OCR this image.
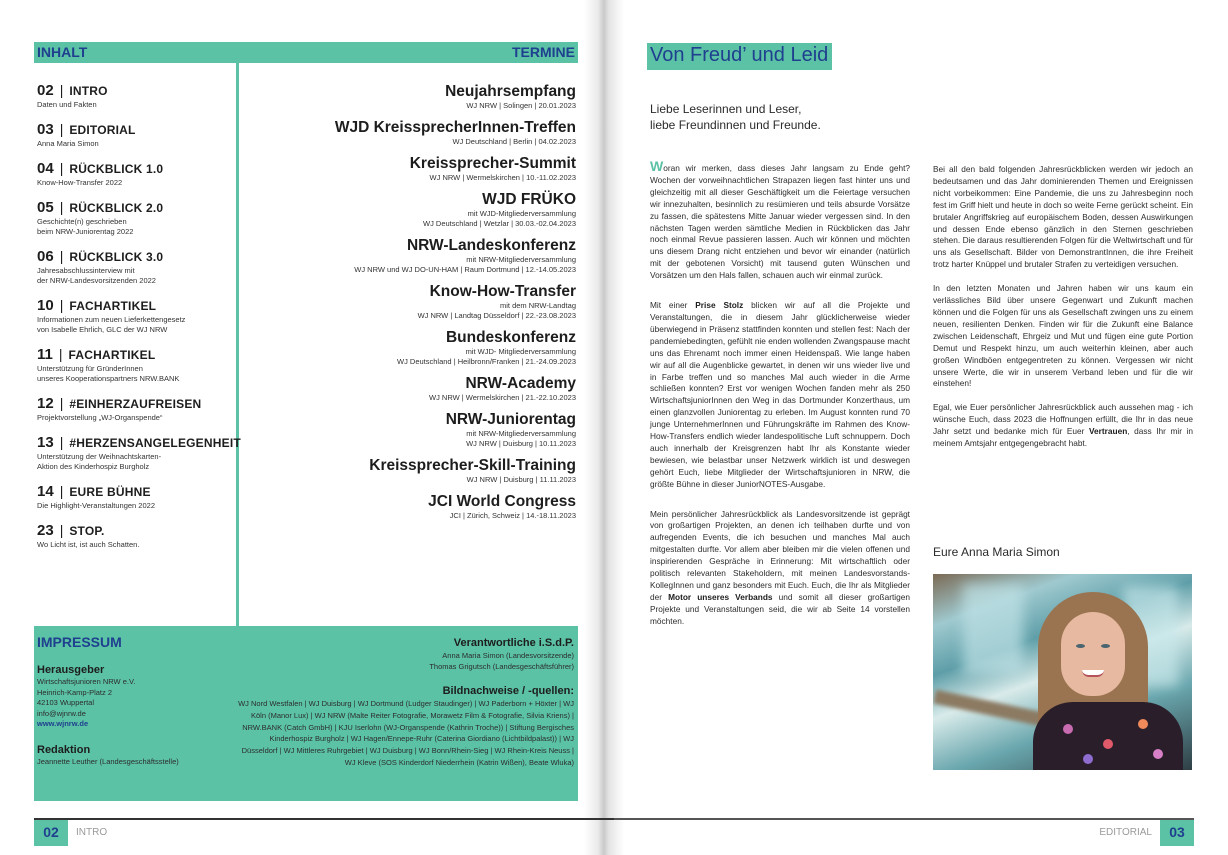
INHALT	TERMINE
02 | INTRO
Daten und Fakten
03 | EDITORIAL
Anna Maria Simon
04 | RÜCKBLICK 1.0
Know-How-Transfer 2022
05 | RÜCKBLICK 2.0
Geschichte(n) geschrieben
beim NRW-Juniorentag 2022
06 | RÜCKBLICK 3.0
Jahresabschlussinterview mit
der NRW-Landesvorsitzenden 2022
10 | FACHARTIKEL
Informationen zum neuen Lieferkettengesetz
von Isabelle Ehrlich, GLC der WJ NRW
11 | FACHARTIKEL
Unterstützung für GründerInnen
unseres Kooperationspartners NRW.BANK
12 | #EINHERZAUFREISEN
Projektvorstellung „WJ-Organspende“
13 | #HERZENSANGELEGENHEIT
Unterstützung der Weihnachtskarten-
Aktion des Kinderhospiz Burgholz
14 | EURE BÜHNE
Die Highlight-Veranstaltungen 2022
23 | STOP.
Wo Licht ist, ist auch Schatten.
Neujahrsempfang
WJ NRW | Solingen | 20.01.2023
WJD KreissprecherInnen-Treffen
WJ Deutschland | Berlin | 04.02.2023
Kreissprecher-Summit
WJ NRW | Wermelskirchen | 10.-11.02.2023
WJD FRÜKO
mit WJD-Mitgliederversammlung
WJ Deutschland | Wetzlar | 30.03.-02.04.2023
NRW-Landeskonferenz
mit NRW-Mitgliederversammlung
WJ NRW und WJ DO-UN-HAM | Raum Dortmund | 12.-14.05.2023
Know-How-Transfer
mit dem NRW-Landtag
WJ NRW | Landtag Düsseldorf | 22.-23.08.2023
Bundeskonferenz
mit WJD- Mitgliederversammlung
WJ Deutschland | Heilbronn/Franken | 21.-24.09.2023
NRW-Academy
WJ NRW | Wermelskirchen | 21.-22.10.2023
NRW-Juniorentag
mit NRW-Mitgliederversammlung
WJ NRW | Duisburg | 10.11.2023
Kreissprecher-Skill-Training
WJ NRW | Duisburg | 11.11.2023
JCI World Congress
JCI | Zürich, Schweiz | 14.-18.11.2023
IMPRESSUM
Herausgeber
Wirtschaftsjunioren NRW e.V.
Heinrich-Kamp-Platz 2
42103 Wuppertal
info@wjnrw.de
www.wjnrw.de
Redaktion
Jeannette Leuther (Landesgeschäftsstelle)
Verantwortliche i.S.d.P.
Anna Maria Simon (Landesvorsitzende)
Thomas Grigutsch (Landesgeschäftsführer)
Bildnachweise / -quellen:
WJ Nord Westfalen | WJ Duisburg | WJ Dortmund (Ludger Staudinger) | WJ Paderborn + Höxter | WJ Köln (Manor Lux) | WJ NRW (Malte Reiter Fotografie, Morawetz Film & Fotografie, Silvia Kriens) | NRW.BANK (Catch GmbH) | KJU Iserlohn (WJ-Organspende (Kathrin Troche)) | Stiftung Bergisches Kinderhospiz Burgholz | WJ Hagen/Ennepe-Ruhr (Caterina Giordiano (Lichtbildpalast)) | WJ Düsseldorf | WJ Mittleres Ruhrgebiet | WJ Duisburg | WJ Bonn/Rhein-Sieg | WJ Rhein-Kreis Neuss | WJ Kleve (SOS Kinderdorf Niederrhein (Katrin Wißen), Beate Wluka)
02	INTRO
Von Freud’ und Leid
Liebe Leserinnen und Leser,
liebe Freundinnen und Freunde.

Woran wir merken, dass dieses Jahr langsam zu Ende geht? Wochen der vorweihnachtlichen Strapazen liegen fast hinter uns und gleichzeitig mit all dieser Geschäftigkeit um die Feiertage versuchen wir innezuhalten, besinnlich zu resümieren und teils absurde Vorsätze zu fassen, die spätestens Mitte Januar wieder vergessen sind. In den nächsten Tagen werden sämtliche Medien in Rückblicken das Jahr noch einmal Revue passieren lassen. Auch wir können und möchten uns diesem Drang nicht entziehen und bevor wir einander (natürlich mit der gebotenen Vorsicht) mit tausend guten Wünschen und Vorsätzen um den Hals fallen, schauen auch wir einmal zurück.

Mit einer Prise Stolz blicken wir auf all die Projekte und Veranstaltungen, die in diesem Jahr glücklicherweise wieder überwiegend in Präsenz stattfinden konnten und stellen fest: Nach der pandemiebedingten, gefühlt nie enden wollenden Zwangspause macht uns das Ehrenamt noch immer einen Heidenspaß. Wie lange haben wir auf all die Augenblicke gewartet, in denen wir uns wieder live und in Farbe treffen und so manches Mal auch wieder in die Arme schließen konnten? Erst vor wenigen Wochen fanden mehr als 250 WirtschaftsjuniorInnen den Weg in das Dortmunder Konzerthaus, um einen glanzvollen Juniorentag zu erleben. Im August konnten rund 70 junge UnternehmerInnen und Führungskräfte im Rahmen des Know-How-Transfers endlich wieder landespolitische Luft schnuppern. Doch auch innerhalb der Kreisgrenzen habt Ihr als Konstante wieder bewiesen, wie belastbar unser Netzwerk wirklich ist und deswegen gehört Euch, liebe Mitglieder der Wirtschaftsjunioren in NRW, die größte Bühne in dieser JuniorNOTES-Ausgabe.

Mein persönlicher Jahresrückblick als Landesvorsitzende ist geprägt von großartigen Projekten, an denen ich teilhaben durfte und von aufregenden Events, die ich besuchen und manches Mal auch mitgestalten durfte. Vor allem aber bleiben mir die vielen offenen und inspirierenden Gespräche in Erinnerung: Mit wirtschaftlich oder politisch relevanten Stakeholdern, mit meinen Landesvorstands-KollegInnen und ganz besonders mit Euch. Euch, die Ihr als Mitglieder der Motor unseres Verbands und somit all dieser großartigen Projekte und Veranstaltungen seid, die wir ab Seite 14 vorstellen möchten.

Bei all den bald folgenden Jahresrückblicken werden wir jedoch an bedeutsamen und das Jahr dominierenden Themen und Ereignissen nicht vorbeikommen: Eine Pandemie, die uns zu Jahresbeginn noch fest im Griff hielt und heute in doch so weite Ferne gerückt scheint. Ein brutaler Angriffskrieg auf europäischem Boden, dessen Auswirkungen und dessen Ende ebenso gänzlich in den Sternen geschrieben stehen. Die daraus resultierenden Folgen für die Weltwirtschaft und für uns als Gesellschaft. Bilder von DemonstrantInnen, die ihre Freiheit trotz harter Knüppel und brutaler Strafen zu verteidigen versuchen.

In den letzten Monaten und Jahren haben wir uns kaum ein verlässliches Bild über unsere Gegenwart und Zukunft machen können und die Folgen für uns als Gesellschaft zwingen uns zu einem neuen, resilienten Denken. Finden wir für die Zukunft eine Balance zwischen Leidenschaft, Ehrgeiz und Mut und fügen eine gute Portion Demut und Respekt hinzu, um auch weiterhin kleinen, aber auch großen Windböen entgegentreten zu können. Vergessen wir nicht unsere Werte, die wir in unserem Verband leben und für die wir einstehen!

Egal, wie Euer persönlicher Jahresrückblick auch aussehen mag - ich wünsche Euch, dass 2023 die Hoffnungen erfüllt, die Ihr in das neue Jahr setzt und bedanke mich für Euer Vertrauen, dass Ihr mir in meinem Amtsjahr entgegengebracht habt.

Eure Anna Maria Simon
EDITORIAL	03
